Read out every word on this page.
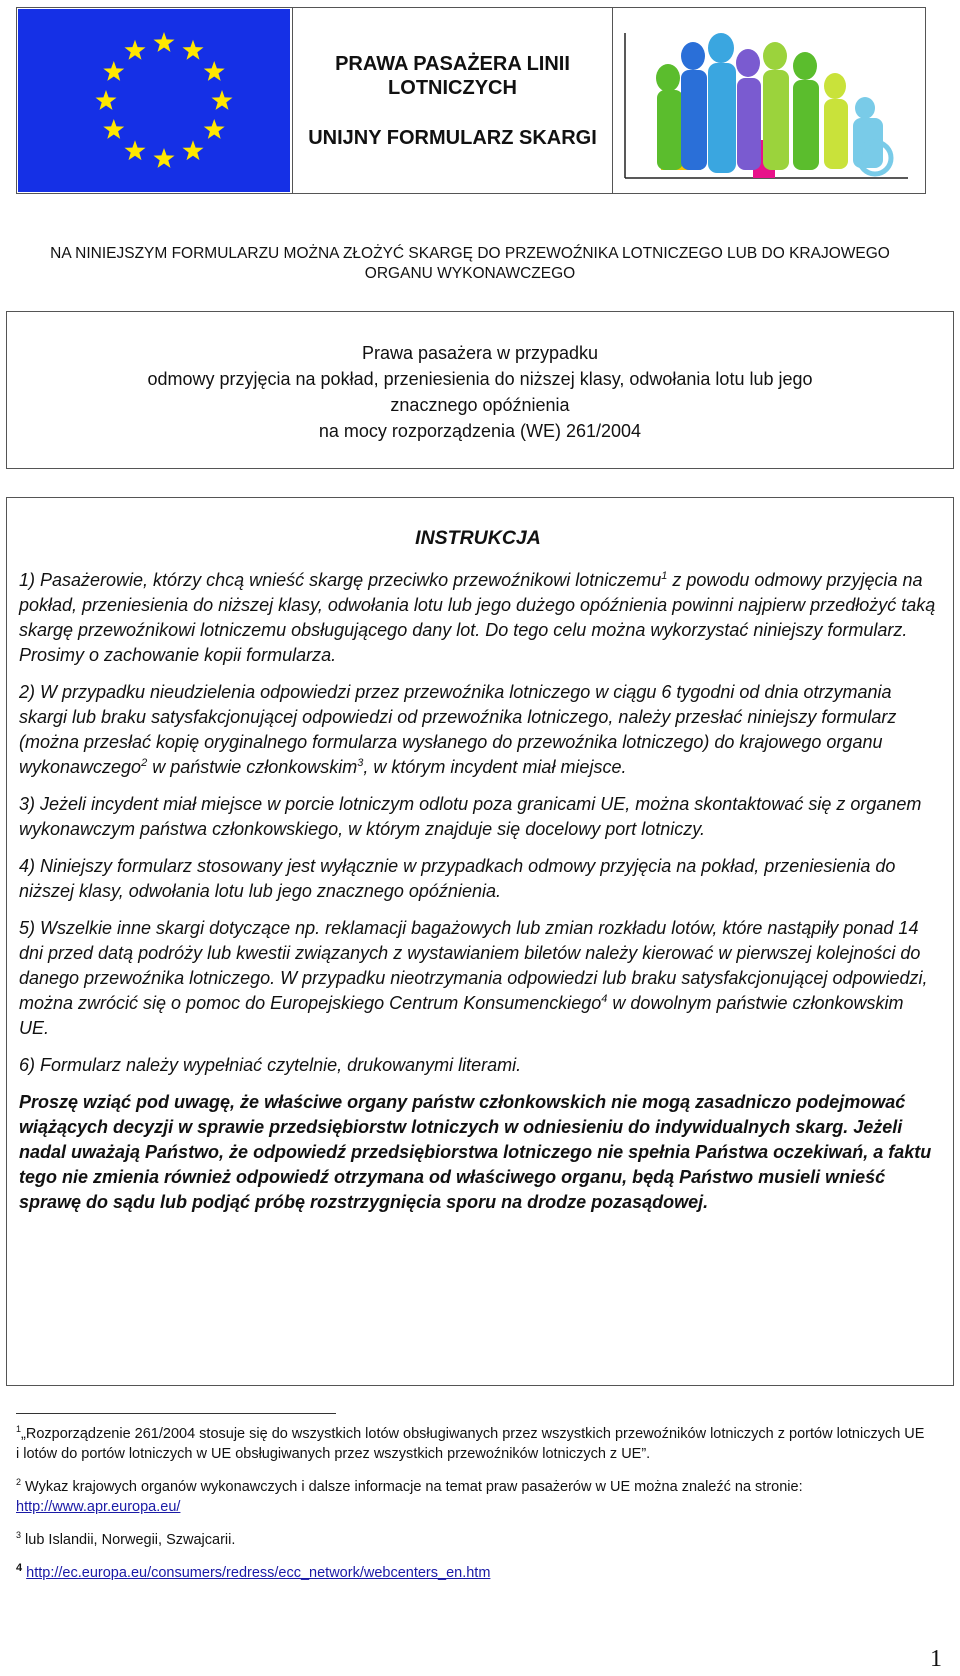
PRAWA PASAŻERA LINII LOTNICZYCH
UNIJNY FORMULARZ SKARGI
NA NINIEJSZYM FORMULARZU MOŻNA ZŁOŻYĆ SKARGĘ DO PRZEWOŹNIKA LOTNICZEGO LUB DO KRAJOWEGO ORGANU WYKONAWCZEGO
Prawa pasażera w przypadku
odmowy przyjęcia na pokład, przeniesienia do niższej klasy, odwołania lotu lub jego
znacznego opóźnienia
na mocy rozporządzenia (WE) 261/2004
INSTRUKCJA

1) Pasażerowie, którzy chcą wnieść skargę przeciwko przewoźnikowi lotniczemu$^1$ z powodu odmowy przyjęcia na pokład, przeniesienia do niższej klasy, odwołania lotu lub jego dużego opóźnienia powinni najpierw przedłożyć taką skargę przewoźnikowi lotniczemu obsługującego dany lot. Do tego celu można wykorzystać niniejszy formularz. Prosimy o zachowanie kopii formularza.

2) W przypadku nieudzielenia odpowiedzi przez przewoźnika lotniczego w ciągu 6 tygodni od dnia otrzymania skargi lub braku satysfakcjonującej odpowiedzi od przewoźnika lotniczego, należy przesłać niniejszy formularz (można przesłać kopię oryginalnego formularza wysłanego do przewoźnika lotniczego) do krajowego organu wykonawczego$^2$ w państwie członkowskim$^3$, w którym incydent miał miejsce.

3) Jeżeli incydent miał miejsce w porcie lotniczym odlotu poza granicami UE, można skontaktować się z organem wykonawczym państwa członkowskiego, w którym znajduje się docelowy port lotniczy.

4) Niniejszy formularz stosowany jest wyłącznie w przypadkach odmowy przyjęcia na pokład, przeniesienia do niższej klasy, odwołania lotu lub jego znacznego opóźnienia.

5) Wszelkie inne skargi dotyczące np. reklamacji bagażowych lub zmian rozkładu lotów, które nastąpiły ponad 14 dni przed datą podróży lub kwestii związanych z wystawianiem biletów należy kierować w pierwszej kolejności do danego przewoźnika lotniczego. W przypadku nieotrzymania odpowiedzi lub braku satysfakcjonującej odpowiedzi, można zwrócić się o pomoc do Europejskiego Centrum Konsumenckiego$^4$ w dowolnym państwie członkowskim UE.

6) Formularz należy wypełniać czytelnie, drukowanymi literami.

Proszę wziąć pod uwagę, że właściwe organy państw członkowskich nie mogą zasadniczo podejmować wiążących decyzji w sprawie przedsiębiorstw lotniczych w odniesieniu do indywidualnych skarg. Jeżeli nadal uważają Państwo, że odpowiedź przedsiębiorstwa lotniczego nie spełnia Państwa oczekiwań, a faktu tego nie zmienia również odpowiedź otrzymana od właściwego organu, będą Państwo musieli wnieść sprawę do sądu lub podjąć próbę rozstrzygnięcia sporu na drodze pozasądowej.

$^1$„Rozporządzenie 261/2004 stosuje się do wszystkich lotów obsługiwanych przez wszystkich przewoźników lotniczych z portów lotniczych UE i lotów do portów lotniczych w UE obsługiwanych przez wszystkich przewoźników lotniczych z UE”.

$^2$ Wykaz krajowych organów wykonawczych i dalsze informacje na temat praw pasażerów w UE można znaleźć na stronie: http://www.apr.europa.eu/

$^3$ lub Islandii, Norwegii, Szwajcarii.

$^4$ http://ec.europa.eu/consumers/redress/ecc_network/webcenters_en.htm

1
